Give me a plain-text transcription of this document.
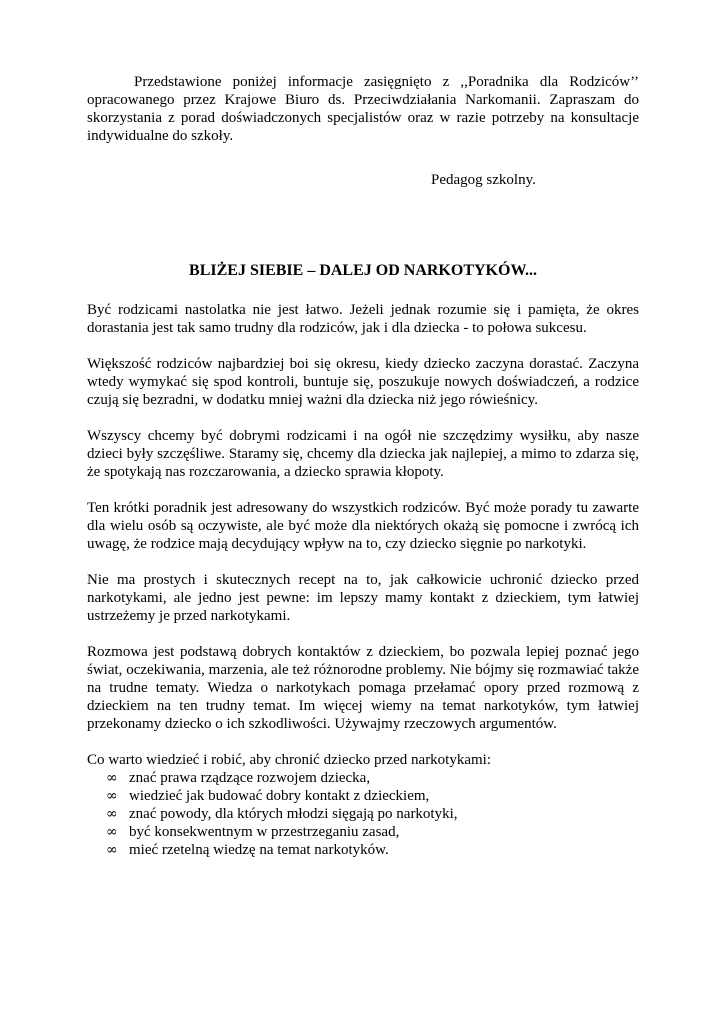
Przedstawione poniżej informacje zasięgnięto z ,,Poradnika dla Rodziców’’ opracowanego przez Krajowe Biuro ds. Przeciwdziałania Narkomanii. Zapraszam do skorzystania z porad doświadczonych specjalistów oraz w razie potrzeby na konsultacje indywidualne do szkoły.

Pedagog szkolny.

BLIŻEJ SIEBIE – DALEJ OD NARKOTYKÓW...

Być rodzicami nastolatka nie jest łatwo. Jeżeli jednak rozumie się i pamięta, że okres dorastania jest tak samo trudny dla rodziców, jak i dla dziecka - to połowa sukcesu.

Większość rodziców najbardziej boi się okresu, kiedy dziecko zaczyna dorastać. Zaczyna wtedy wymykać się spod kontroli, buntuje się, poszukuje nowych doświadczeń, a rodzice czują się bezradni, w dodatku mniej ważni dla dziecka niż jego rówieśnicy.

Wszyscy chcemy być dobrymi rodzicami i na ogół nie szczędzimy wysiłku, aby nasze dzieci były szczęśliwe. Staramy się, chcemy dla dziecka jak najlepiej, a mimo to zdarza się, że spotykają nas rozczarowania, a dziecko sprawia kłopoty.

Ten krótki poradnik jest adresowany do wszystkich rodziców. Być może porady tu zawarte dla wielu osób są oczywiste, ale być może dla niektórych okażą się pomocne i zwrócą ich uwagę, że rodzice mają decydujący wpływ na to, czy dziecko sięgnie po narkotyki.

Nie ma prostych i skutecznych recept na to, jak całkowicie uchronić dziecko przed narkotykami, ale jedno jest pewne: im lepszy mamy kontakt z dzieckiem, tym łatwiej ustrzeżemy je przed narkotykami.

Rozmowa jest podstawą dobrych kontaktów z dzieckiem, bo pozwala lepiej poznać jego świat, oczekiwania, marzenia, ale też różnorodne problemy. Nie bójmy się rozmawiać także na trudne tematy. Wiedza o narkotykach pomaga przełamać opory przed rozmową z dzieckiem na ten trudny temat. Im więcej wiemy na temat narkotyków, tym łatwiej przekonamy dziecko o ich szkodliwości. Używajmy rzeczowych argumentów.

Co warto wiedzieć i robić, aby chronić dziecko przed narkotykami:
∞ znać prawa rządzące rozwojem dziecka,
∞ wiedzieć jak budować dobry kontakt z dzieckiem,
∞ znać powody, dla których młodzi sięgają po narkotyki,
∞ być konsekwentnym w przestrzeganiu zasad,
∞ mieć rzetelną wiedzę na temat narkotyków.
